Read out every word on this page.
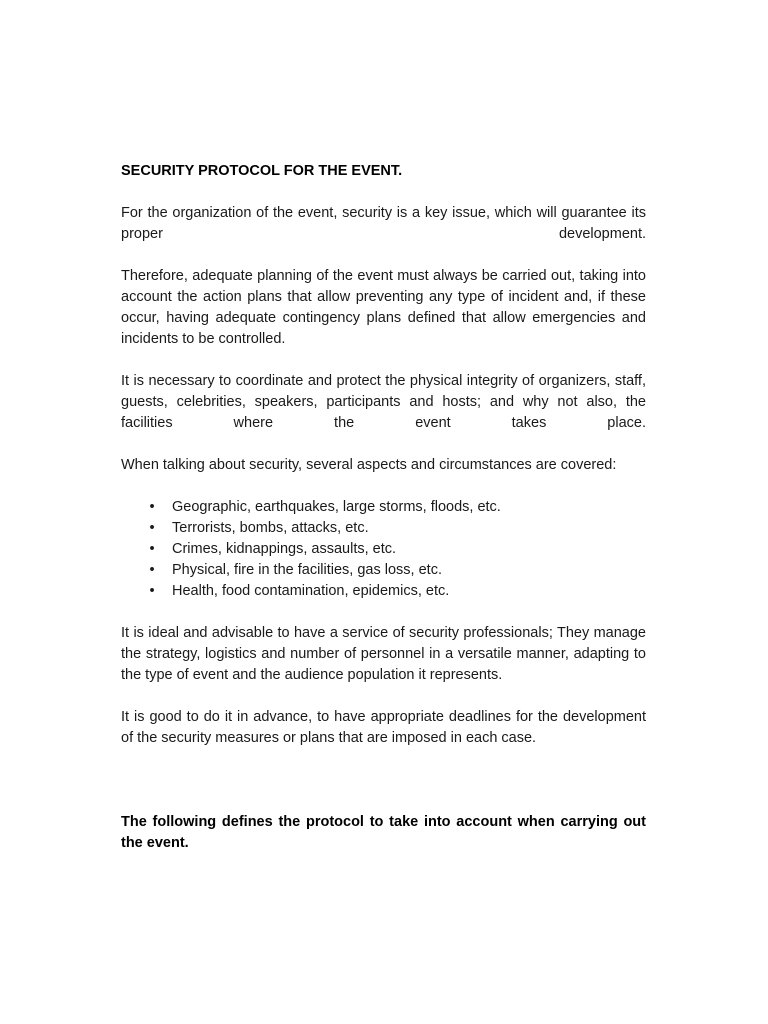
SECURITY PROTOCOL FOR THE EVENT.

For the organization of the event, security is a key issue, which will guarantee its proper development.

Therefore, adequate planning of the event must always be carried out, taking into account the action plans that allow preventing any type of incident and, if these occur, having adequate contingency plans defined that allow emergencies and incidents to be controlled.

It is necessary to coordinate and protect the physical integrity of organizers, staff, guests, celebrities, speakers, participants and hosts; and why not also, the facilities where the event takes place.

When talking about security, several aspects and circumstances are covered:

•	Geographic, earthquakes, large storms, floods, etc.
•	Terrorists, bombs, attacks, etc.
•	Crimes, kidnappings, assaults, etc.
•	Physical, fire in the facilities, gas loss, etc.
•	Health, food contamination, epidemics, etc.

It is ideal and advisable to have a service of security professionals; They manage the strategy, logistics and number of personnel in a versatile manner, adapting to the type of event and the audience population it represents.

It is good to do it in advance, to have appropriate deadlines for the development of the security measures or plans that are imposed in each case.

The following defines the protocol to take into account when carrying out the event.
